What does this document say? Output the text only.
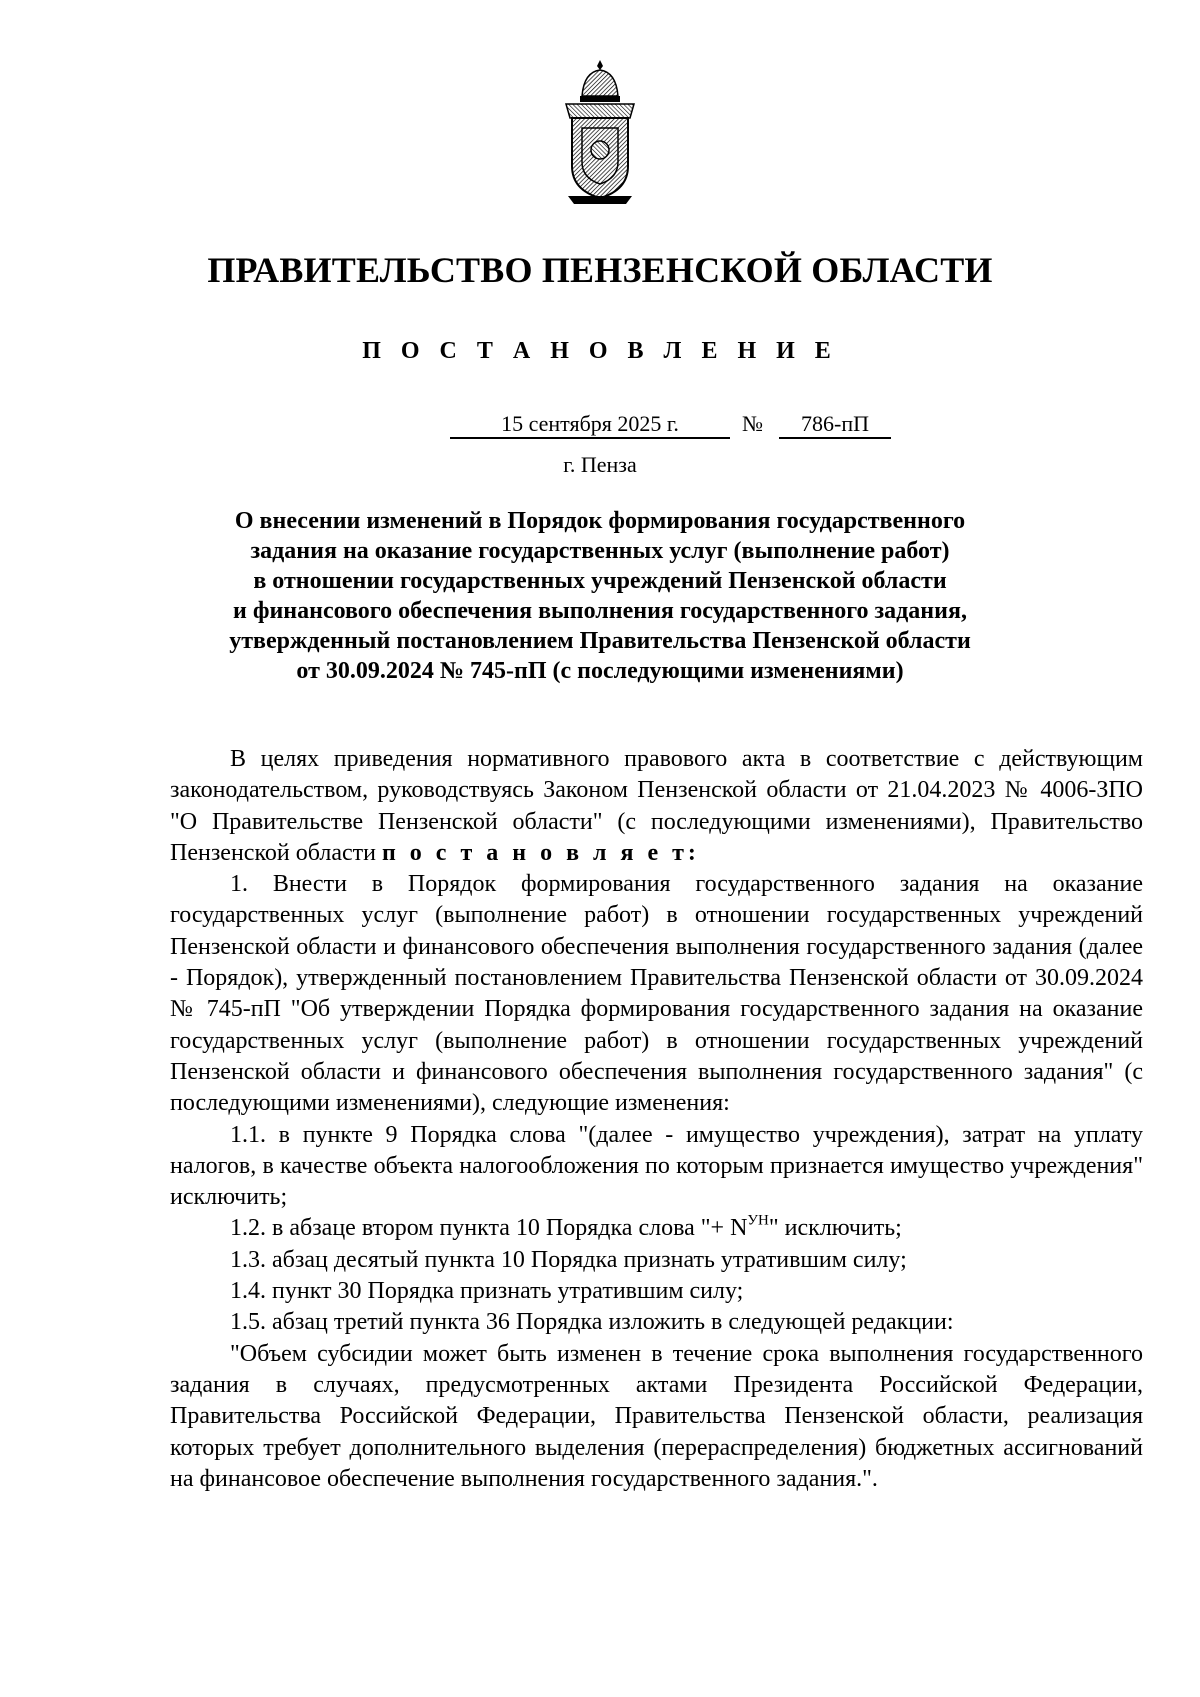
ПРАВИТЕЛЬСТВО ПЕНЗЕНСКОЙ ОБЛАСТИ
П О С Т А Н О В Л Е Н И Е
15 сентября 2025 г.	№	786-пП
г. Пенза
О внесении изменений в Порядок формирования государственного
задания на оказание государственных услуг (выполнение работ)
в отношении государственных учреждений Пензенской области
и финансового обеспечения выполнения государственного задания,
утвержденный постановлением Правительства Пензенской области
от 30.09.2024 № 745-пП (с последующими изменениями)

В целях приведения нормативного правового акта в соответствие с действующим законодательством, руководствуясь Законом Пензенской области от 21.04.2023 № 4006-ЗПО "О Правительстве Пензенской области" (с последующими изменениями), Правительство Пензенской области п о с т а н о в л я е т:

1. Внести в Порядок формирования государственного задания на оказание государственных услуг (выполнение работ) в отношении государственных учреждений Пензенской области и финансового обеспечения выполнения государственного задания (далее - Порядок), утвержденный постановлением Правительства Пензенской области от 30.09.2024 № 745-пП "Об утверждении Порядка формирования государственного задания на оказание государственных услуг (выполнение работ) в отношении государственных учреждений Пензенской области и финансового обеспечения выполнения государственного задания" (с последующими изменениями), следующие изменения:

1.1. в пункте 9 Порядка слова "(далее - имущество учреждения), затрат на уплату налогов, в качестве объекта налогообложения по которым признается имущество учреждения" исключить;

1.2. в абзаце втором пункта 10 Порядка слова "+ $N^{УН}$" исключить;

1.3. абзац десятый пункта 10 Порядка признать утратившим силу;

1.4. пункт 30 Порядка признать утратившим силу;

1.5. абзац третий пункта 36 Порядка изложить в следующей редакции:

"Объем субсидии может быть изменен в течение срока выполнения государственного задания в случаях, предусмотренных актами Президента Российской Федерации, Правительства Российской Федерации, Правительства Пензенской области, реализация которых требует дополнительного выделения (перераспределения) бюджетных ассигнований на финансовое обеспечение выполнения государственного задания.".
